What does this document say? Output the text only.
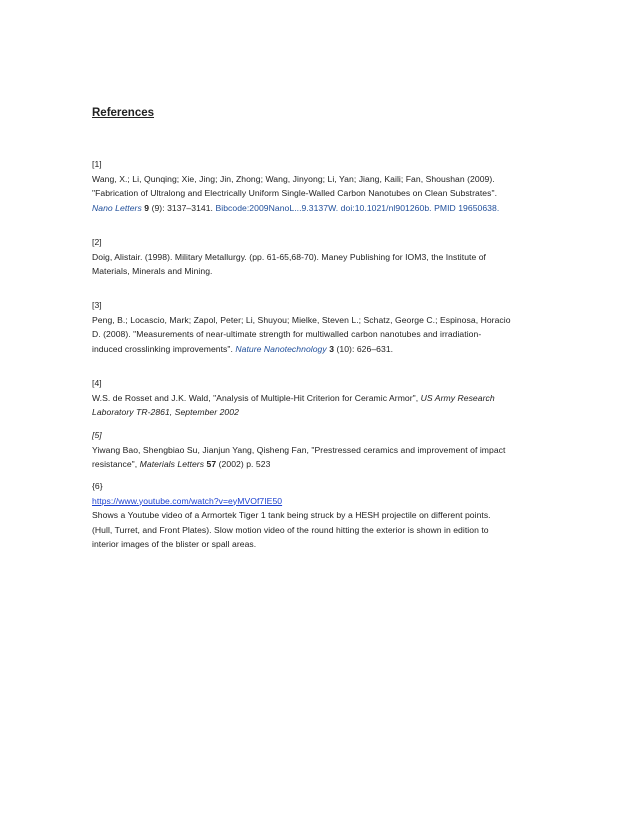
References

[1]

Wang, X.; Li, Qunqing; Xie, Jing; Jin, Zhong; Wang, Jinyong; Li, Yan; Jiang, Kaili; Fan, Shoushan (2009).

"Fabrication of Ultralong and Electrically Uniform Single-Walled Carbon Nanotubes on Clean Substrates".

Nano Letters 9 (9): 3137–3141. Bibcode:2009NanoL...9.3137W. doi:10.1021/nl901260b. PMID 19650638.

[2]

Doig, Alistair. (1998). Military Metallurgy. (pp. 61-65,68-70). Maney Publishing for IOM3, the Institute of

Materials, Minerals and Mining.

[3]

Peng, B.; Locascio, Mark; Zapol, Peter; Li, Shuyou; Mielke, Steven L.; Schatz, George C.; Espinosa, Horacio

D. (2008). "Measurements of near-ultimate strength for multiwalled carbon nanotubes and irradiation-

induced crosslinking improvements". Nature Nanotechnology 3 (10): 626–631.

[4]

W.S. de Rosset and J.K. Wald, "Analysis of Multiple-Hit Criterion for Ceramic Armor", US Army Research

Laboratory TR-2861, September 2002

[5]

Yiwang Bao, Shengbiao Su, Jianjun Yang, Qisheng Fan, "Prestressed ceramics and improvement of impact

resistance", Materials Letters 57 (2002) p. 523

{6}

https://www.youtube.com/watch?v=eyMVOf7IE50

Shows a Youtube video of a Armortek Tiger 1 tank being struck by a HESH projectile on different points.

(Hull, Turret, and Front Plates). Slow motion video of the round hitting the exterior is shown in edition to

interior images of the blister or spall areas.
